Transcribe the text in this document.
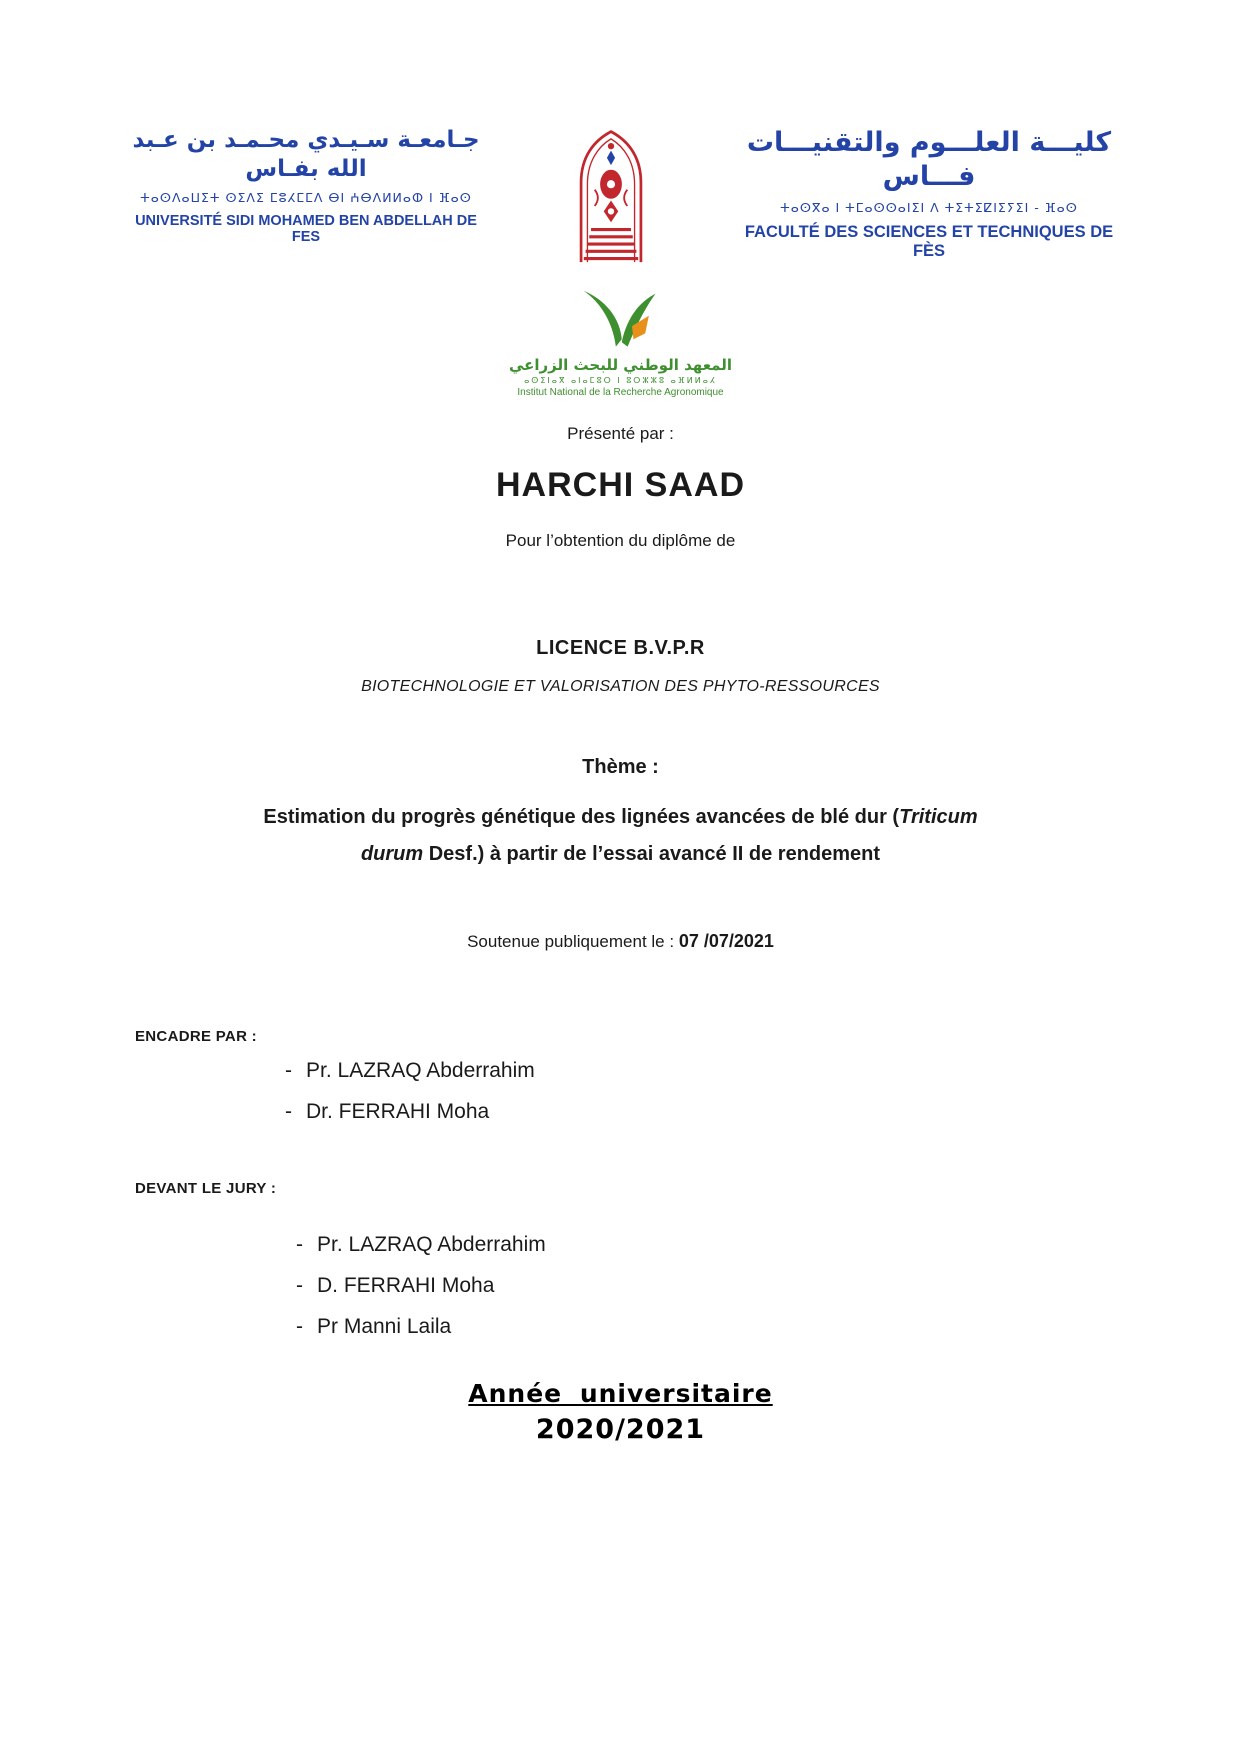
جـامعـة سـيـدي محـمـد بن عـبد الله بفـاس
ⵜⴰⵙⴷⴰⵡⵉⵜ ⵙⵉⴷⵉ ⵎⵓⵃⵎⵎⴷ ⴱⵏ ⵄⴱⴷⵍⵍⴰⵀ ⵏ ⴼⴰⵙ
UNIVERSITÉ SIDI MOHAMED BEN ABDELLAH DE FES
كليـــة العلـــوم والتقنيـــات فـــاس
ⵜⴰⵙⴳⴰ ⵏ ⵜⵎⴰⵙⵙⴰⵏⵉⵏ ⴷ ⵜⵉⵜⵉⵇⵏⵉⵢⵉⵏ - ⴼⴰⵙ
FACULTÉ DES SCIENCES ET TECHNIQUES DE FÈS
المعهد الوطني للبحث الزراعي
ⴰⵙⵉⵏⴰⴳ ⴰⵏⴰⵎⵓⵔ ⵏ ⵓⵔⵣⵣⵓ ⴰⴼⵍⵍⴰⵃ
Institut National de la Recherche Agronomique
Présenté par :
HARCHI SAAD
Pour l’obtention du diplôme de
LICENCE B.V.P.R
BIOTECHNOLOGIE ET VALORISATION DES PHYTO-RESSOURCES
Thème :
Estimation du progrès génétique des lignées avancées de blé dur (Triticum
durum Desf.) à partir de l’essai avancé II de rendement
Soutenue publiquement le : 07 /07/2021
ENCADRE PAR :
- Pr. LAZRAQ Abderrahim
- Dr. FERRAHI Moha
DEVANT LE JURY :
- Pr. LAZRAQ Abderrahim
- D. FERRAHI Moha
- Pr Manni Laila
Année universitaire
2020/2021
